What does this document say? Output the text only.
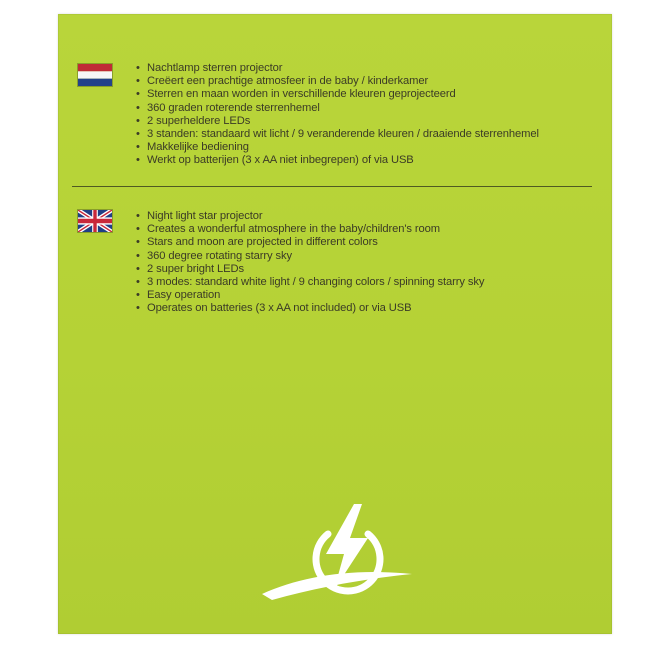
• Nachtlamp sterren projector
• Creëert een prachtige atmosfeer in de baby / kinderkamer
• Sterren en maan worden in verschillende kleuren geprojecteerd
• 360 graden roterende sterrenhemel
• 2 superheldere LEDs
• 3 standen: standaard wit licht / 9 veranderende kleuren / draaiende sterrenhemel
• Makkelijke bediening
• Werkt op batterijen (3 x AA niet inbegrepen) of via USB
• Night light star projector
• Creates a wonderful atmosphere in the baby/children's room
• Stars and moon are projected in different colors
• 360 degree rotating starry sky
• 2 super bright LEDs
• 3 modes: standard white light / 9 changing colors / spinning starry sky
• Easy operation
• Operates on batteries (3 x AA not included) or via USB
